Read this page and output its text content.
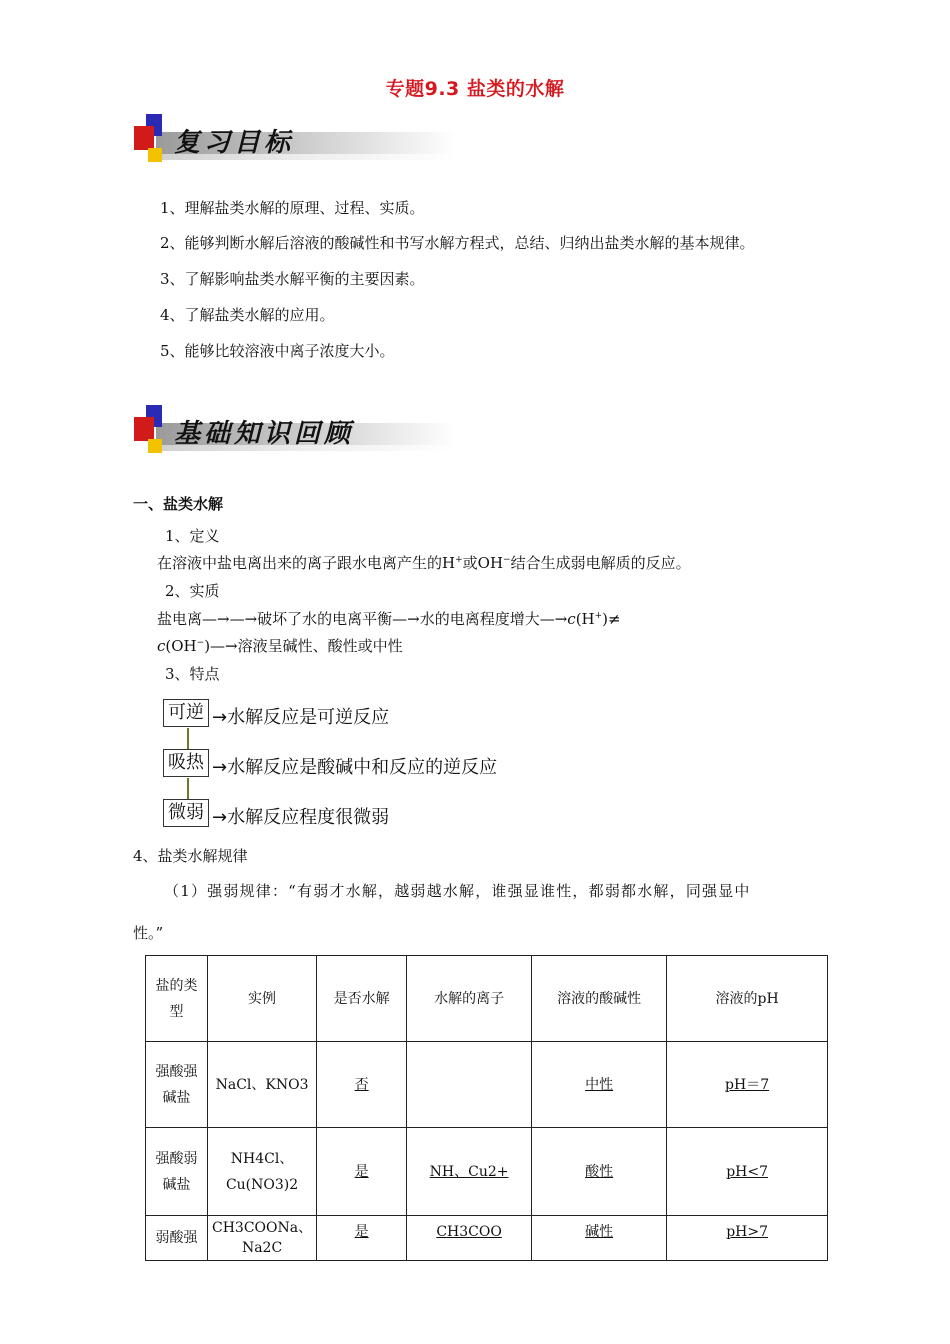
专题9.3 盐类的水解
复习目标
1、理解盐类水解的原理、过程、实质。
2、能够判断水解后溶液的酸碱性和书写水解方程式，总结、归纳出盐类水解的基本规律。
3、了解影响盐类水解平衡的主要因素。
4、了解盐类水解的应用。
5、能够比较溶液中离子浓度大小。
基础知识回顾
一、盐类水解
1、定义
在溶液中盐电离出来的离子跟水电离产生的H+或OH−结合生成弱电解质的反应。
2、实质
盐电离—→—→破坏了水的电离平衡—→水的电离程度增大—→c(H+)≠
c(OH−)—→溶液呈碱性、酸性或中性
3、特点
可逆 →水解反应是可逆反应
吸热 →水解反应是酸碱中和反应的逆反应
微弱 →水解反应程度很微弱
4、盐类水解规律
（1）强弱规律：“有弱才水解，越弱越水解，谁强显谁性，都弱都水解，同强显中
性。”
盐的类型	实例	是否水解	水解的离子	溶液的酸碱性	溶液的pH
强酸强碱盐	NaCl、KNO3	否		中性	pH＝7
强酸弱碱盐	NH4Cl、Cu(NO3)2	是	NH、Cu2+	酸性	pH<7
弱酸强	CH3COONa、Na2C	是	CH3COO	碱性	pH>7
